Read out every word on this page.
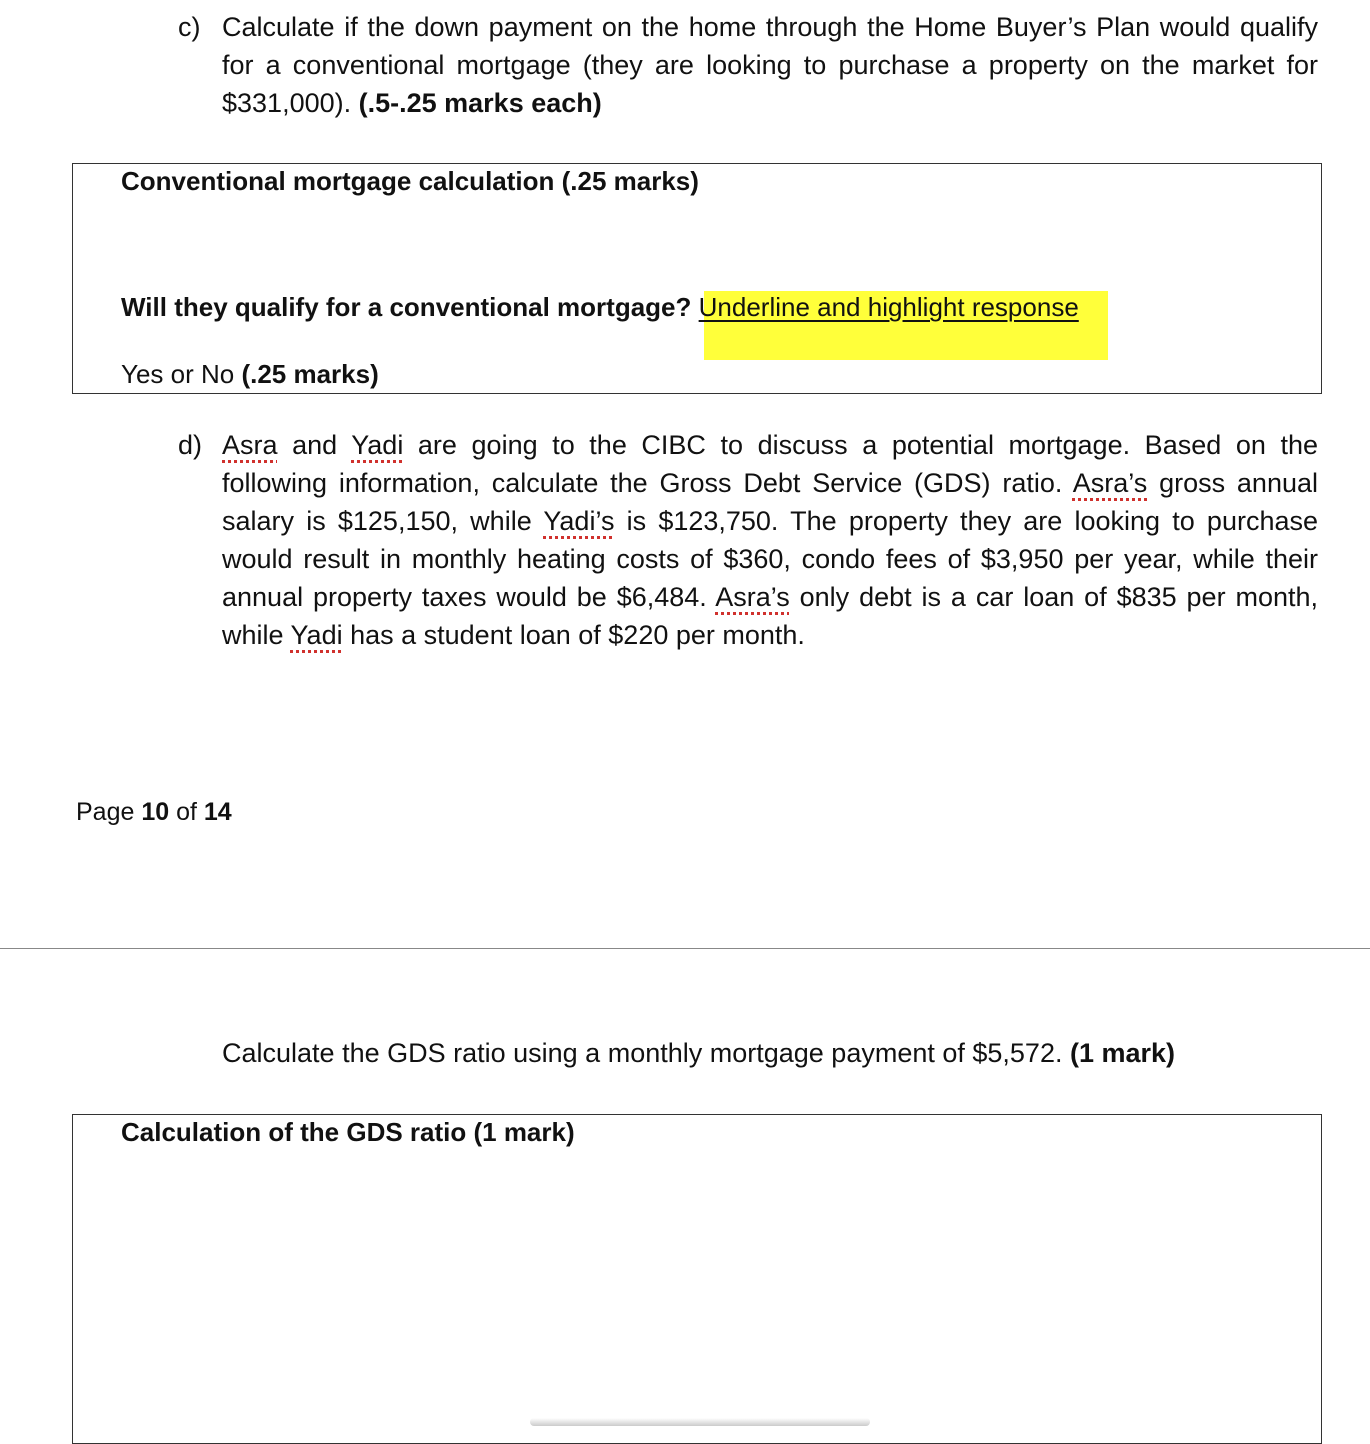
c) Calculate if the down payment on the home through the Home Buyer’s Plan would qualify
for a conventional mortgage (they are looking to purchase a property on the market for
$331,000). (.5-.25 marks each)
Conventional mortgage calculation (.25 marks)
Will they qualify for a conventional mortgage? Underline and highlight response
Yes or No (.25 marks)
d) Asra and Yadi are going to the CIBC to discuss a potential mortgage. Based on the
following information, calculate the Gross Debt Service (GDS) ratio. Asra’s gross annual
salary is $125,150, while Yadi’s is $123,750. The property they are looking to purchase
would result in monthly heating costs of $360, condo fees of $3,950 per year, while their
annual property taxes would be $6,484. Asra’s only debt is a car loan of $835 per month,
while Yadi has a student loan of $220 per month.
Page 10 of 14
Calculate the GDS ratio using a monthly mortgage payment of $5,572. (1 mark)
Calculation of the GDS ratio (1 mark)
